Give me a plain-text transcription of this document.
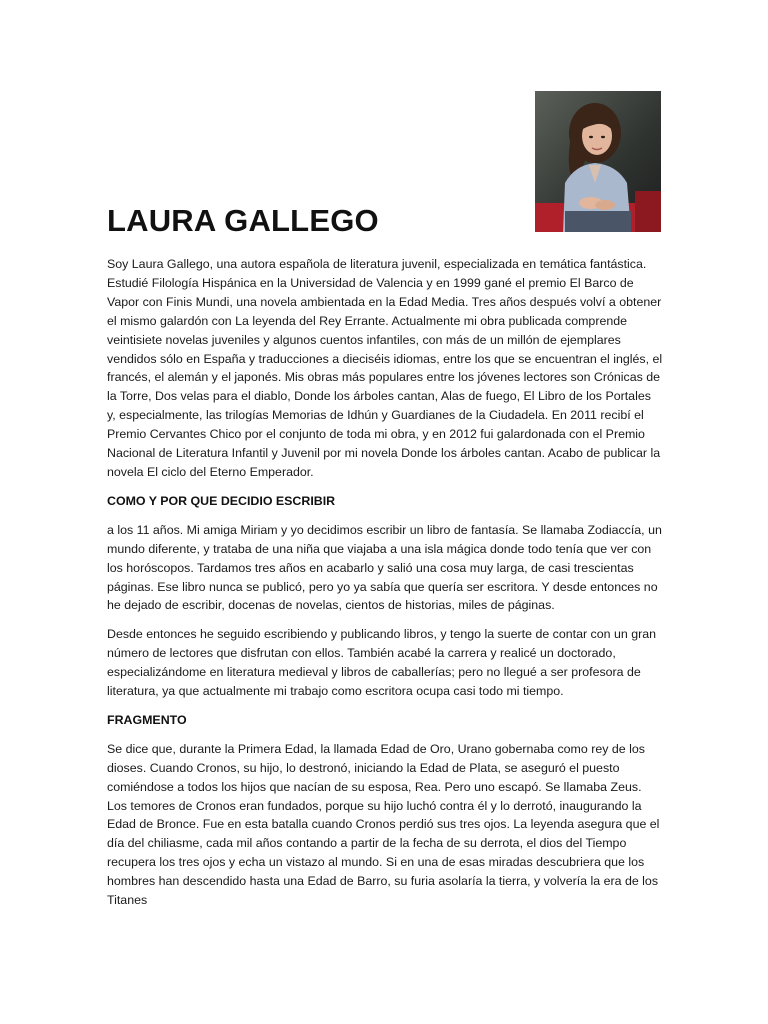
LAURA GALLEGO

Soy Laura Gallego, una autora española de literatura juvenil, especializada en temática fantástica. Estudié Filología Hispánica en la Universidad de Valencia y en 1999 gané el premio El Barco de Vapor con Finis Mundi, una novela ambientada en la Edad Media. Tres años después volví a obtener el mismo galardón con La leyenda del Rey Errante. Actualmente mi obra publicada comprende veintisiete novelas juveniles y algunos cuentos infantiles, con más de un millón de ejemplares vendidos sólo en España y traducciones a dieciséis idiomas, entre los que se encuentran el inglés, el francés, el alemán y el japonés. Mis obras más populares entre los jóvenes lectores son Crónicas de la Torre, Dos velas para el diablo, Donde los árboles cantan, Alas de fuego, El Libro de los Portales y, especialmente, las trilogías Memorias de Idhún y Guardianes de la Ciudadela. En 2011 recibí el Premio Cervantes Chico por el conjunto de toda mi obra, y en 2012 fui galardonada con el Premio Nacional de Literatura Infantil y Juvenil por mi novela Donde los árboles cantan. Acabo de publicar la novela El ciclo del Eterno Emperador.

COMO Y POR QUE DECIDIO ESCRIBIR

a los 11 años. Mi amiga Miriam y yo decidimos escribir un libro de fantasía. Se llamaba Zodiaccía, un mundo diferente, y trataba de una niña que viajaba a una isla mágica donde todo tenía que ver con los horóscopos. Tardamos tres años en acabarlo y salió una cosa muy larga, de casi trescientas páginas. Ese libro nunca se publicó, pero yo ya sabía que quería ser escritora. Y desde entonces no he dejado de escribir, docenas de novelas, cientos de historias, miles de páginas.

Desde entonces he seguido escribiendo y publicando libros, y tengo la suerte de contar con un gran número de lectores que disfrutan con ellos. También acabé la carrera y realicé un doctorado, especializándome en literatura medieval y libros de caballerías; pero no llegué a ser profesora de literatura, ya que actualmente mi trabajo como escritora ocupa casi todo mi tiempo.

FRAGMENTO

Se dice que, durante la Primera Edad, la llamada Edad de Oro, Urano gobernaba como rey de los dioses. Cuando Cronos, su hijo, lo destronó, iniciando la Edad de Plata, se aseguró el puesto comiéndose a todos los hijos que nacían de su esposa, Rea. Pero uno escapó. Se llamaba Zeus. Los temores de Cronos eran fundados, porque su hijo luchó contra él y lo derrotó, inaugurando la Edad de Bronce. Fue en esta batalla cuando Cronos perdió sus tres ojos. La leyenda asegura que el día del chiliasme, cada mil años contando a partir de la fecha de su derrota, el dios del Tiempo recupera los tres ojos y echa un vistazo al mundo. Si en una de esas miradas descubriera que los hombres han descendido hasta una Edad de Barro, su furia asolaría la tierra, y volvería la era de los Titanes
